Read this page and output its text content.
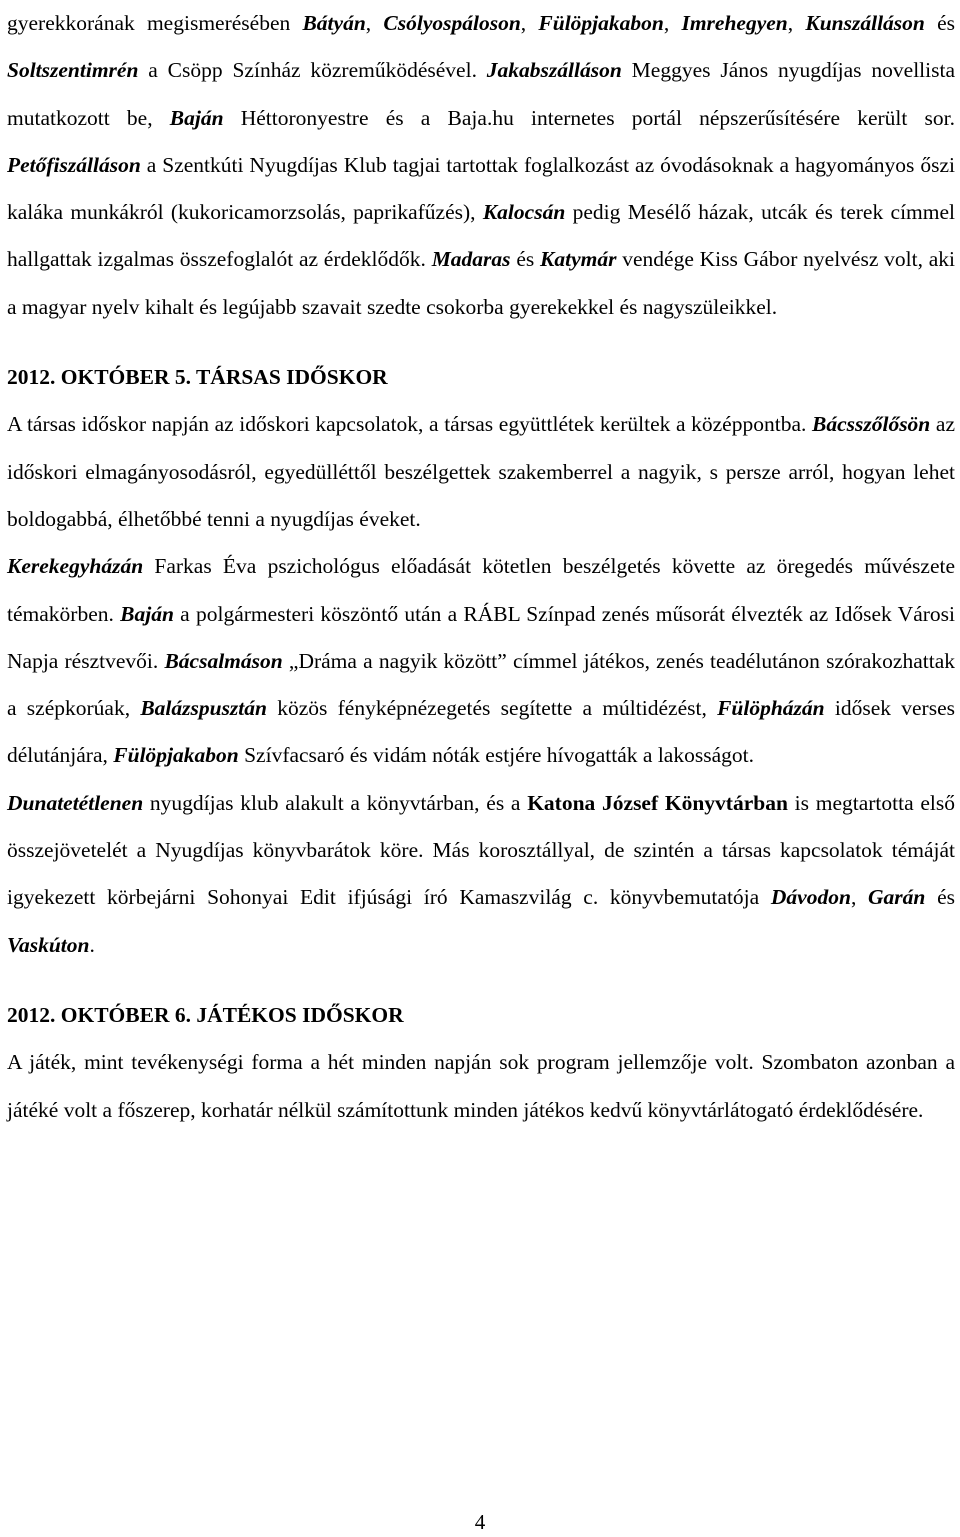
gyerekkorának megismerésében Bátyán, Csólyospáloson, Fülöpjakabon, Imrehegyen, Kunszálláson és Soltszentimrén a Csöpp Színház közreműködésével. Jakabszálláson Meggyes János nyugdíjas novellista mutatkozott be, Baján Héttoronyestre és a Baja.hu internetes portál népszerűsítésére került sor. Petőfiszálláson a Szentkúti Nyugdíjas Klub tagjai tartottak foglalkozást az óvodásoknak a hagyományos őszi kaláka munkákról (kukoricamorzsolás, paprikafűzés), Kalocsán pedig Mesélő házak, utcák és terek címmel hallgattak izgalmas összefoglalót az érdeklődők. Madaras és Katymár vendége Kiss Gábor nyelvész volt, aki a magyar nyelv kihalt és legújabb szavait szedte csokorba gyerekekkel és nagyszüleikkel.

2012. OKTÓBER 5. TÁRSAS IDŐSKOR

A társas időskor napján az időskori kapcsolatok, a társas együttlétek kerültek a középpontba. Bácsszőlősön az időskori elmagányosodásról, egyedülléttől beszélgettek szakemberrel a nagyik, s persze arról, hogyan lehet boldogabbá, élhetőbbé tenni a nyugdíjas éveket.

Kerekegyházán Farkas Éva pszichológus előadását kötetlen beszélgetés követte az öregedés művészete témakörben. Baján a polgármesteri köszöntő után a RÁBL Színpad zenés műsorát élvezték az Idősek Városi Napja résztvevői. Bácsalmáson „Dráma a nagyik között” címmel játékos, zenés teadélutánon szórakozhattak a szépkorúak, Balázspusztán közös fényképnézegetés segítette a múltidézést, Fülöpházán idősek verses délutánjára, Fülöpjakabon Szívfacsaró és vidám nóták estjére hívogatták a lakosságot.

Dunatetétlenen nyugdíjas klub alakult a könyvtárban, és a Katona József Könyvtárban is megtartotta első összejövetelét a Nyugdíjas könyvbarátok köre. Más korosztállyal, de szintén a társas kapcsolatok témáját igyekezett körbejárni Sohonyai Edit ifjúsági író Kamaszvilág c. könyvbemutatója Dávodon, Garán és Vaskúton.

2012. OKTÓBER 6. JÁTÉKOS IDŐSKOR

A játék, mint tevékenységi forma a hét minden napján sok program jellemzője volt. Szombaton azonban a játéké volt a főszerep, korhatár nélkül számítottunk minden játékos kedvű könyvtárlátogató érdeklődésére.

4
